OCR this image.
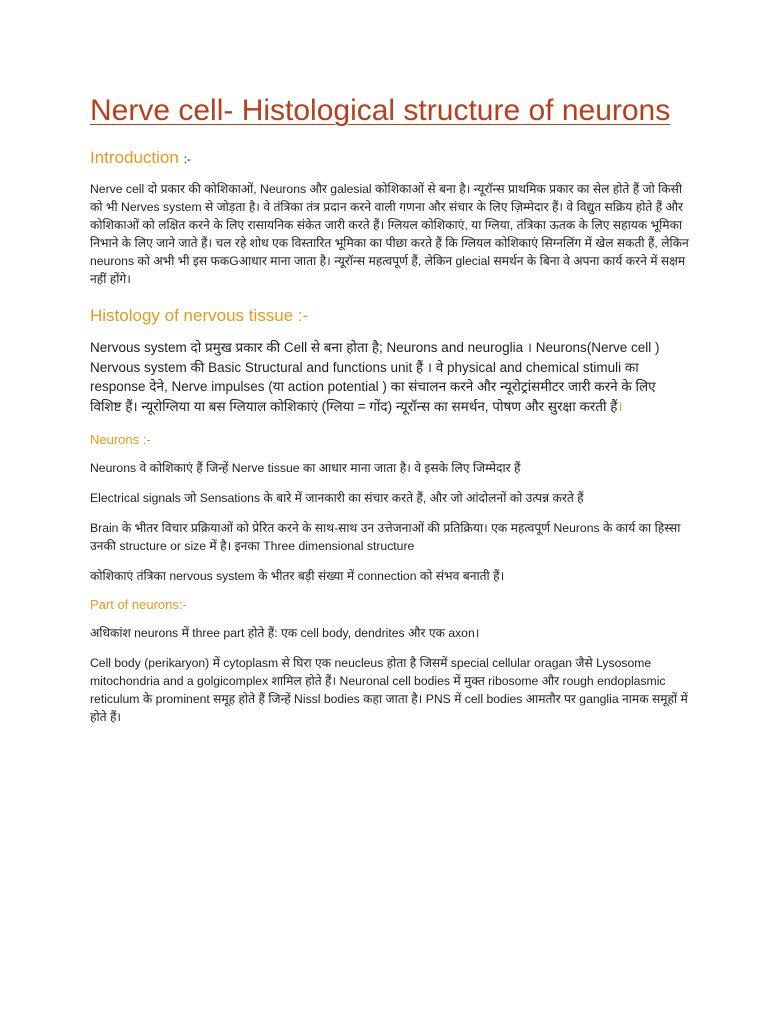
Nerve cell- Histological structure of neurons
Introduction :-

Nerve cell दो प्रकार की कोशिकाओं, Neurons और galesial कोशिकाओं से बना है। न्यूरॉन्स प्राथमिक प्रकार का सेल होते हैं जो किसी को भी Nerves system से जोड़ता है। वे तंत्रिका तंत्र प्रदान करने वाली गणना और संचार के लिए ज़िम्मेदार हैं। वे विद्युत सक्रिय होते हैं और कोशिकाओं को लक्षित करने के लिए रासायनिक संकेत जारी करते हैं। ग्लियल कोशिकाएं, या ग्लिया, तंत्रिका ऊतक के लिए सहायक भूमिका निभाने के लिए जाने जाते हैं। चल रहे शोध एक विस्तारित भूमिका का पीछा करते हैं कि ग्लियल कोशिकाएं सिग्नलिंग में खेल सकती हैं, लेकिन neurons को अभी भी इस फकGआधार माना जाता है। न्यूरॉन्स महत्वपूर्ण हैं, लेकिन glecial समर्थन के बिना वे अपना कार्य करने में सक्षम नहीं होंगे।

Histology of nervous tissue :-

Nervous system दो प्रमुख प्रकार की Cell से बना होता है; Neurons and neuroglia । Neurons(Nerve cell ) Nervous system की Basic Structural and functions unit हैं । वे physical and chemical stimuli का response देने, Nerve impulses (या action potential ) का संचालन करने और न्यूरोट्रांसमीटर जारी करने के लिए विशिष्ट हैं। न्यूरोग्लिया या बस ग्लियाल कोशिकाएं (ग्लिया = गोंद) न्यूरॉन्स का समर्थन, पोषण और सुरक्षा करती हैं।

Neurons :-

Neurons वे कोशिकाएं हैं जिन्हें Nerve tissue का आधार माना जाता है। वे इसके लिए जिम्मेदार हैं

Electrical signals जो Sensations के बारे में जानकारी का संचार करते हैं, और जो आंदोलनों को उत्पन्न करते हैं

Brain के भीतर विचार प्रक्रियाओं को प्रेरित करने के साथ-साथ उन उत्तेजनाओं की प्रतिक्रिया। एक महत्वपूर्ण Neurons के कार्य का हिस्सा उनकी structure or size में है। इनका Three dimensional structure

कोशिकाएं तंत्रिका nervous system के भीतर बड़ी संख्या में connection को संभव बनाती हैं।

Part of neurons:-

अधिकांश neurons में three part होते हैं: एक cell body, dendrites और एक axon।

Cell body (perikaryon) में cytoplasm से घिरा एक neucleus होता है जिसमें special cellular oragan जैसे Lysosome mitochondria and a golgicomplex शामिल होते हैं। Neuronal cell bodies में मुक्त ribosome और rough endoplasmic reticulum के prominent समूह होते हैं जिन्हें Nissl bodies कहा जाता है। PNS में cell bodies आमतौर पर ganglia नामक समूहों में होते हैं।
